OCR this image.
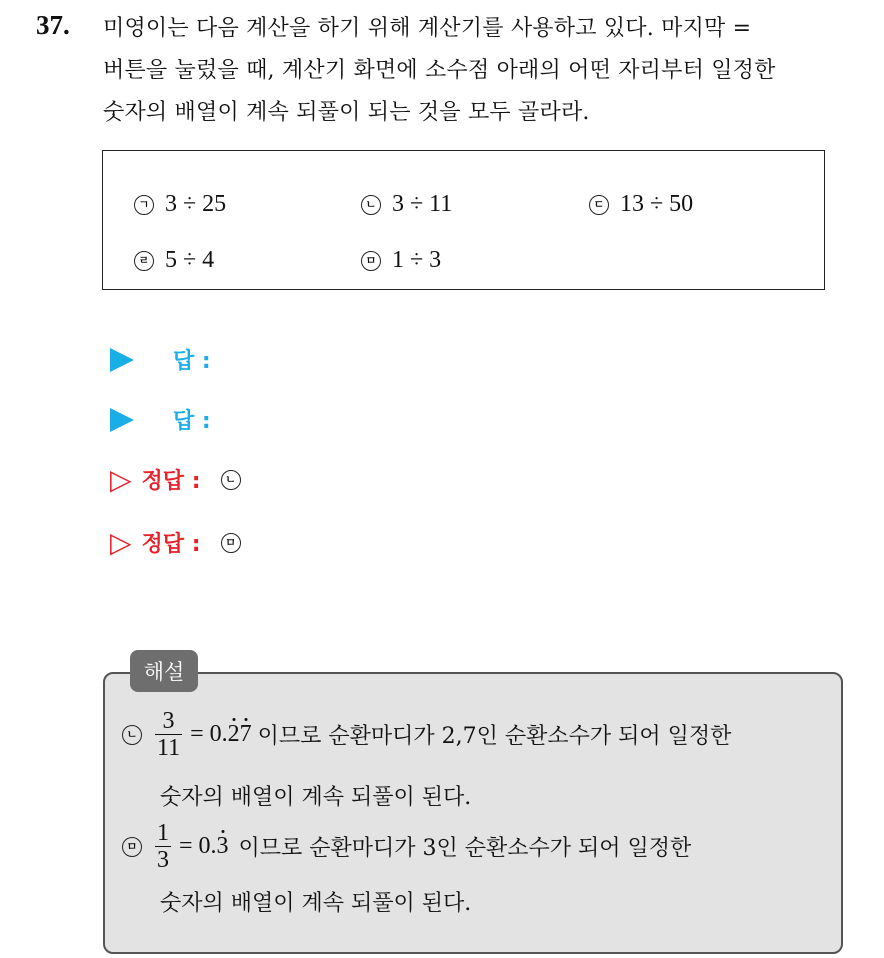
37. 미영이는 다음 계산을 하기 위해 계산기를 사용하고 있다. 마지막 =
버튼을 눌렀을 때, 계산기 화면에 소수점 아래의 어떤 자리부터 일정한
숫자의 배열이 계속 되풀이 되는 것을 모두 골라라.
ㄱ 3 ÷ 25	ㄴ 3 ÷ 11	ㄷ 13 ÷ 50
ㄹ 5 ÷ 4	ㅁ 1 ÷ 3
답 :
답 :
▷ 정답 :	ㄴ
▷ 정답 :	ㅁ
해설
ㄴ $\frac{3}{11} = 0$. 2 7 이므로 순환마디가 2,7인 순환소수가 되어 일정한
숫자의 배열이 계속 되풀이 된다.
ㅁ $\frac{1}{3} = 0$. 3 이므로 순환마디가 3인 순환소수가 되어 일정한
숫자의 배열이 계속 되풀이 된다.
